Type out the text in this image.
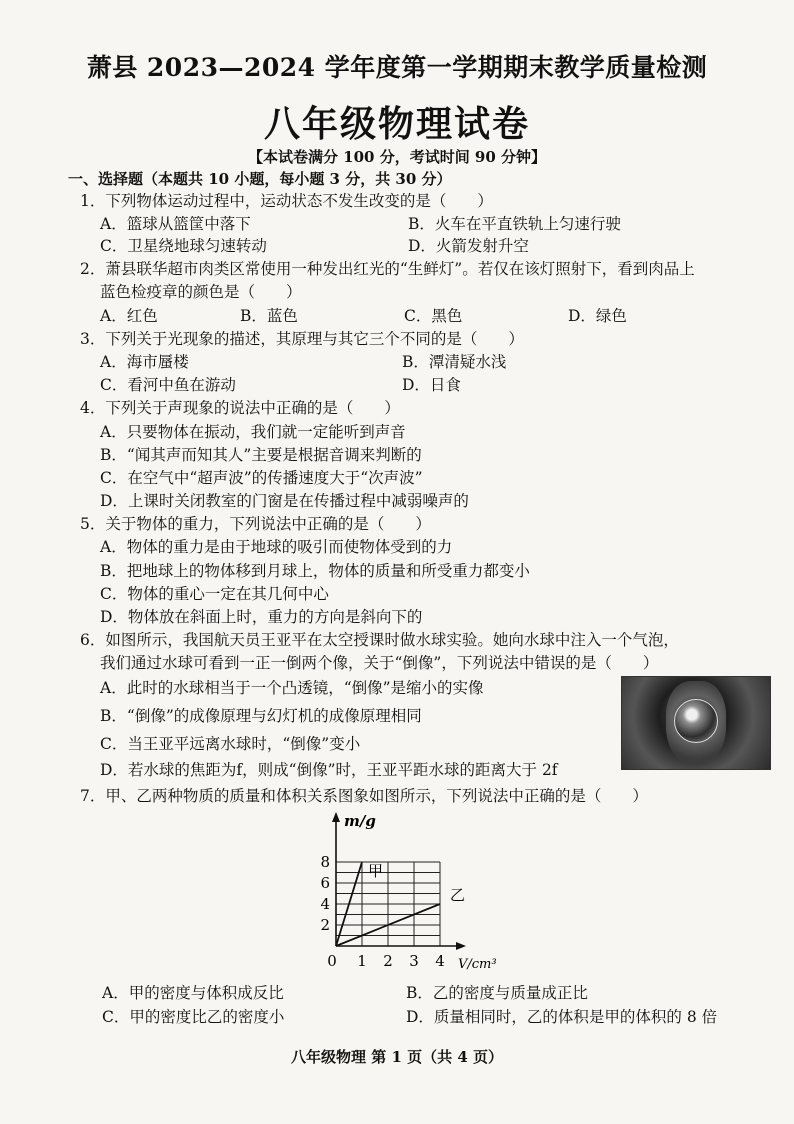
萧县 2023—2024 学年度第一学期期末教学质量检测
八年级物理试卷
【本试卷满分 100 分，考试时间 90 分钟】
一、选择题（本题共 10 小题，每小题 3 分，共 30 分）
1．下列物体运动过程中，运动状态不发生改变的是（　　）
A．篮球从篮筐中落下	B．火车在平直铁轨上匀速行驶
C．卫星绕地球匀速转动	D．火箭发射升空
2．萧县联华超市肉类区常使用一种发出红光的“生鲜灯”。若仅在该灯照射下，看到肉品上
蓝色检疫章的颜色是（　　）
A．红色	B．蓝色	C．黑色	D．绿色
3．下列关于光现象的描述，其原理与其它三个不同的是（　　）
A．海市蜃楼	B．潭清疑水浅
C．看河中鱼在游动	D．日食
4．下列关于声现象的说法中正确的是（　　）
A．只要物体在振动，我们就一定能听到声音
B．“闻其声而知其人”主要是根据音调来判断的
C．在空气中“超声波”的传播速度大于“次声波”
D．上课时关闭教室的门窗是在传播过程中减弱噪声的
5．关于物体的重力，下列说法中正确的是（　　）
A．物体的重力是由于地球的吸引而使物体受到的力
B．把地球上的物体移到月球上，物体的质量和所受重力都变小
C．物体的重心一定在其几何中心
D．物体放在斜面上时，重力的方向是斜向下的
6．如图所示，我国航天员王亚平在太空授课时做水球实验。她向水球中注入一个气泡，
我们通过水球可看到一正一倒两个像，关于“倒像”，下列说法中错误的是（　　）
A．此时的水球相当于一个凸透镜，“倒像”是缩小的实像
B．“倒像”的成像原理与幻灯机的成像原理相同
C．当王亚平远离水球时，“倒像”变小
D．若水球的焦距为f，则成“倒像”时，王亚平距水球的距离大于 2f
7．甲、乙两种物质的质量和体积关系图象如图所示，下列说法中正确的是（　　）
甲
乙
1 2 3 4
2
4
6
8
0
m/g
V/cm³
A．甲的密度与体积成反比	B．乙的密度与质量成正比
C．甲的密度比乙的密度小	D．质量相同时，乙的体积是甲的体积的 8 倍
八年级物理 第 1 页（共 4 页）
